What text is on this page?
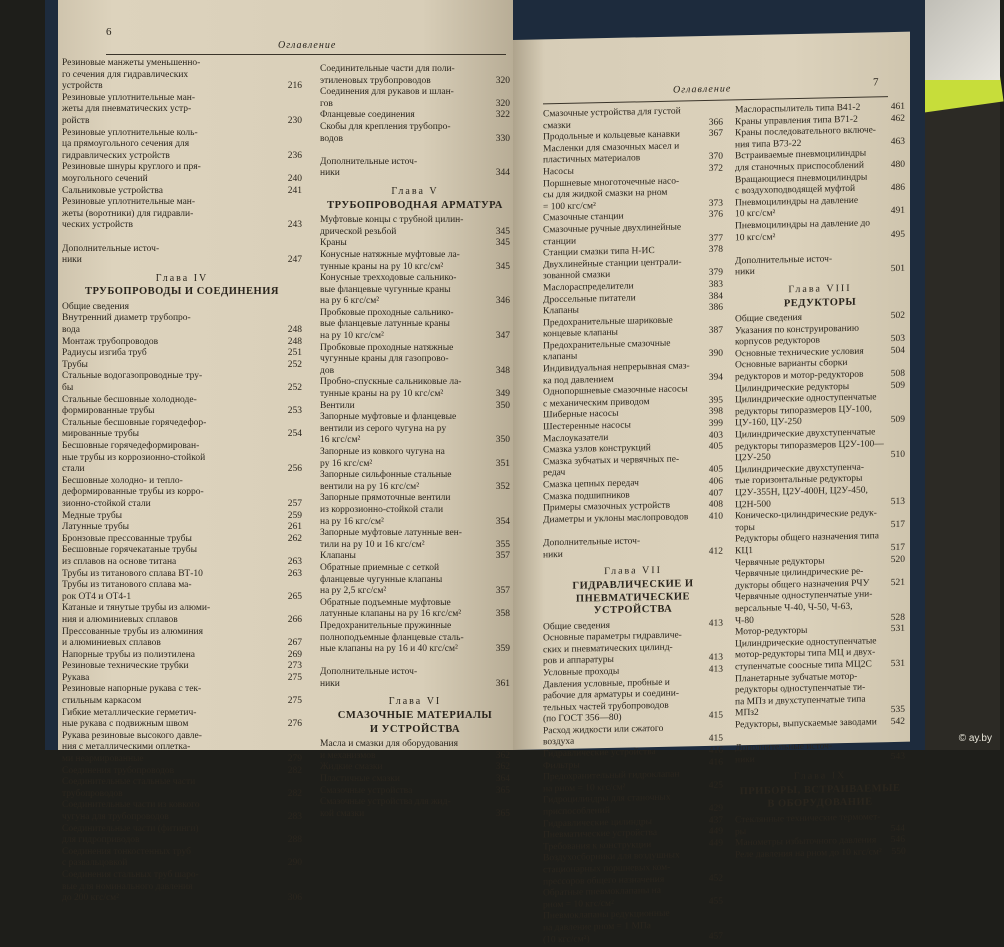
6
Оглавление
Резиновые манжеты уменьшенно-
го сечения для гидравлических
устройств	216
Резиновые уплотнительные ман-
жеты для пневматических устр-
ройств	230
Резиновые уплотнительные коль-
ца прямоугольного сечения для
гидравлических устройств	236
Резиновые шнуры круглого и пря-
моугольного сечений	240
Сальниковые устройства	241
Резиновые уплотнительные ман-
жеты (воротники) для гидравли-
ческих устройств	243

Дополнительные источ-
ники	247
Глава IV
ТРУБОПРОВОДЫ И СОЕДИНЕНИЯ
Общие сведения
Внутренний диаметр трубопро-
вода	248
Монтаж трубопроводов	248
Радиусы изгиба труб	251
Трубы	252
Стальные водогазопроводные тру-
бы	252
Стальные бесшовные холодноде-
формированные трубы	253
Стальные бесшовные горячедефор-
мированные трубы	254
Бесшовные горячедеформирован-
ные трубы из коррозионно-стойкой
стали	256
Бесшовные холодно- и тепло-
деформированные трубы из корро-
зионно-стойкой стали	257
Медные трубы	259
Латунные трубы	261
Бронзовые прессованные трубы	262
Бесшовные горячекатаные трубы
из сплавов на основе титана	263
Трубы из титанового сплава ВТ-10	263
Трубы из титанового сплава ма-
рок ОТ4 и ОТ4-1	265
Катаные и тянутые трубы из алюми-
ния и алюминиевых сплавов	266
Прессованные трубы из алюминия
и алюминиевых сплавов	267
Напорные трубы из полиэтилена	269
Резиновые технические трубки	273
Рукава	275
Резиновые напорные рукава с тек-
стильным каркасом	275
Гибкие металлические герметич-
ные рукава с подвижным швом	276
Рукава резиновые высокого давле-
ния с металлическими оплетка-
ми неармированные	279
Соединения трубопроводов	282
Соединительные стальные части
трубопроводов	282
Соединительные части из ковкого
чугуна для трубопроводов	283
Соединительные части (фитинги)
для гидроприводов	288
Соединения тонкостенных труб
с развальцовкой	290
Соединения стальных труб шаро-
вые для номинального давления
до 200 кгс/см²	306
Соединительные части для поли-
этиленовых трубопроводов	320
Соединения для рукавов и шлан-
гов	320
Фланцевые соединения	322
Скобы для крепления трубопро-
водов	330

Дополнительные источ-
ники	344
Глава V
ТРУБОПРОВОДНАЯ АРМАТУРА
Муфтовые концы с трубной цилин-
дрической резьбой	345
Краны	345
Конусные натяжные муфтовые ла-
тунные краны на pу 10 кгс/см²	345
Конусные трехходовые сальнико-
вые фланцевые чугунные краны
на pу 6 кгс/см²	346
Пробковые проходные сальнико-
вые фланцевые латунные краны
на pу 10 кгс/см²	347
Пробковые проходные натяжные
чугунные краны для газопрово-
дов	348
Пробно-спускные сальниковые ла-
тунные краны на pу 10 кгс/см²	349
Вентили	350
Запорные муфтовые и фланцевые
вентили из серого чугуна на pу
16 кгс/см²	350
Запорные из ковкого чугуна на
pу 16 кгс/см²	351
Запорные сильфонные стальные
вентили на pу 16 кгс/см²	352
Запорные прямоточные вентили
из коррозионно-стойкой стали
на pу 16 кгс/см²	354
Запорные муфтовые латунные вен-
тили на pу 10 и 16 кгс/см²	355
Клапаны	357
Обратные приемные с сеткой
фланцевые чугунные клапаны
на pу 2,5 кгс/см²	357
Обратные подъемные муфтовые
латунные клапаны на pу 16 кгс/см²	358
Предохранительные пружинные
полноподъемные фланцевые сталь-
ные клапаны на pу 16 и 40 кгс/см²	359

Дополнительные источ-
ники	361
Глава VI
СМАЗОЧНЫЕ МАТЕРИАЛЫ
И УСТРОЙСТВА
Масла и смазки для оборудования
и механизмов	362
Жидкие смазки	362
Пластичные смазки	364
Смазочные устройства	365
Смазочные устройства для жид-
кой смазки	365
Оглавление
7
Смазочные устройства для густой
смазки	366
Продольные и кольцевые канавки	367
Масленки для смазочных масел и
пластичных материалов	370
Насосы	372
Поршневые многоточечные насо-
сы для жидкой смазки на pном
= 100 кгс/см²	373
Смазочные станции	376
Смазочные ручные двухлинейные
станции	377
Станции смазки типа Н-ИС	378
Двухлинейные станции централи-
зованной смазки	379
Маслораспределители	383
Дроссельные питатели	384
Клапаны	386
Предохранительные шариковые
концевые клапаны	387
Предохранительные смазочные
клапаны	390
Индивидуальная непрерывная смаз-
ка под давлением	394
Однопоршневые смазочные насосы
с механическим приводом	395
Шиберные насосы	398
Шестеренные насосы	399
Маслоуказатели	403
Смазка узлов конструкций	405
Смазка зубчатых и червячных пе-
редач	405
Смазка цепных передач	406
Смазка подшипников	407
Примеры смазочных устройств	408
Диаметры и уклоны маслопроводов	410

Дополнительные источ-
ники	412
Глава VII
ГИДРАВЛИЧЕСКИЕ И
ПНЕВМАТИЧЕСКИЕ УСТРОЙСТВА
Общие сведения	413
Основные параметры гидравличе-
ских и пневматических цилинд-
ров и аппаратуры	413
Условные проходы	413
Давления условные, пробные и
рабочие для арматуры и соедини-
тельных частей трубопроводов
(по ГОСТ 356—80)	415
Расход жидкости или сжатого
воздуха	415
Гидравлические устройства	416
Фильтры	416
Предохранительный гидроклапан
на pном = 10 кгс/см²	425
Гидроцилиндры для станочных
приспособлений	429
Гидравлические цилиндры	437
Пневматические устройства	449
Требования к конструкции	449
Воздухосборники для воздушных
стационарных поршневых ком-
прессоров общего назначения	452
Обратные пневмоклапаны на
pном = 10 кгс/см²	455
Пневмоклапаны редукционные
на давление pном = 1 МПа
(10 кгс/см²)	457
Маслораспылитель типа В41-2	461
Краны управления типа В71-2	462
Краны последовательного включе-
ния типа В73-22	463
Встраиваемые пневмоцилиндры
для станочных приспособлений	480
Вращающиеся пневмоцилиндры
с воздухоподводящей муфтой	486
Пневмоцилиндры на давление
10 кгс/см²	491
Пневмоцилиндры на давление до
10 кгс/см²	495

Дополнительные источ-
ники	501
Глава VIII
РЕДУКТОРЫ
Общие сведения	502
Указания по конструированию
корпусов редукторов	503
Основные технические условия	504
Основные варианты сборки
редукторов и мотор-редукторов	508
Цилиндрические редукторы	509
Цилиндрические одноступенчатые
редукторы типоразмеров ЦУ-100,
ЦУ-160, ЦУ-250	509
Цилиндрические двухступенчатые
редукторы типоразмеров Ц2У-100—
Ц2У-250	510
Цилиндрические двухступенча-
тые горизонтальные редукторы
Ц2У-355Н, Ц2У-400Н, Ц2У-450,
Ц2Н-500	513
Коническо-цилиндрические редук-
торы	517
Редукторы общего назначения типа
КЦ1	517
Червячные редукторы	520
Червячные цилиндрические ре-
дукторы общего назначения РЧУ	521
Червячные одноступенчатые уни-
версальные Ч-40, Ч-50, Ч-63,
Ч-80	528
Мотор-редукторы	531
Цилиндрические одноступенчатые
мотор-редукторы типа МЦ и двух-
ступенчатые соосные типа МЦ2С	531
Планетарные зубчатые мотор-
редукторы одноступенчатые ти-
па МПз и двухступенчатые типа
МПз2	535
Редукторы, выпускаемые заводами	542

Дополнительные источ-
ники	543
Глава IX
ПРИБОРЫ, ВСТРАИВАЕМЫЕ
В ОБОРУДОВАНИЕ
Стеклянные технические термомет-
ры	544
Манометры избыточного давления	546
Реле давления на pном до 10 кгс/см²	550
© ay.by
